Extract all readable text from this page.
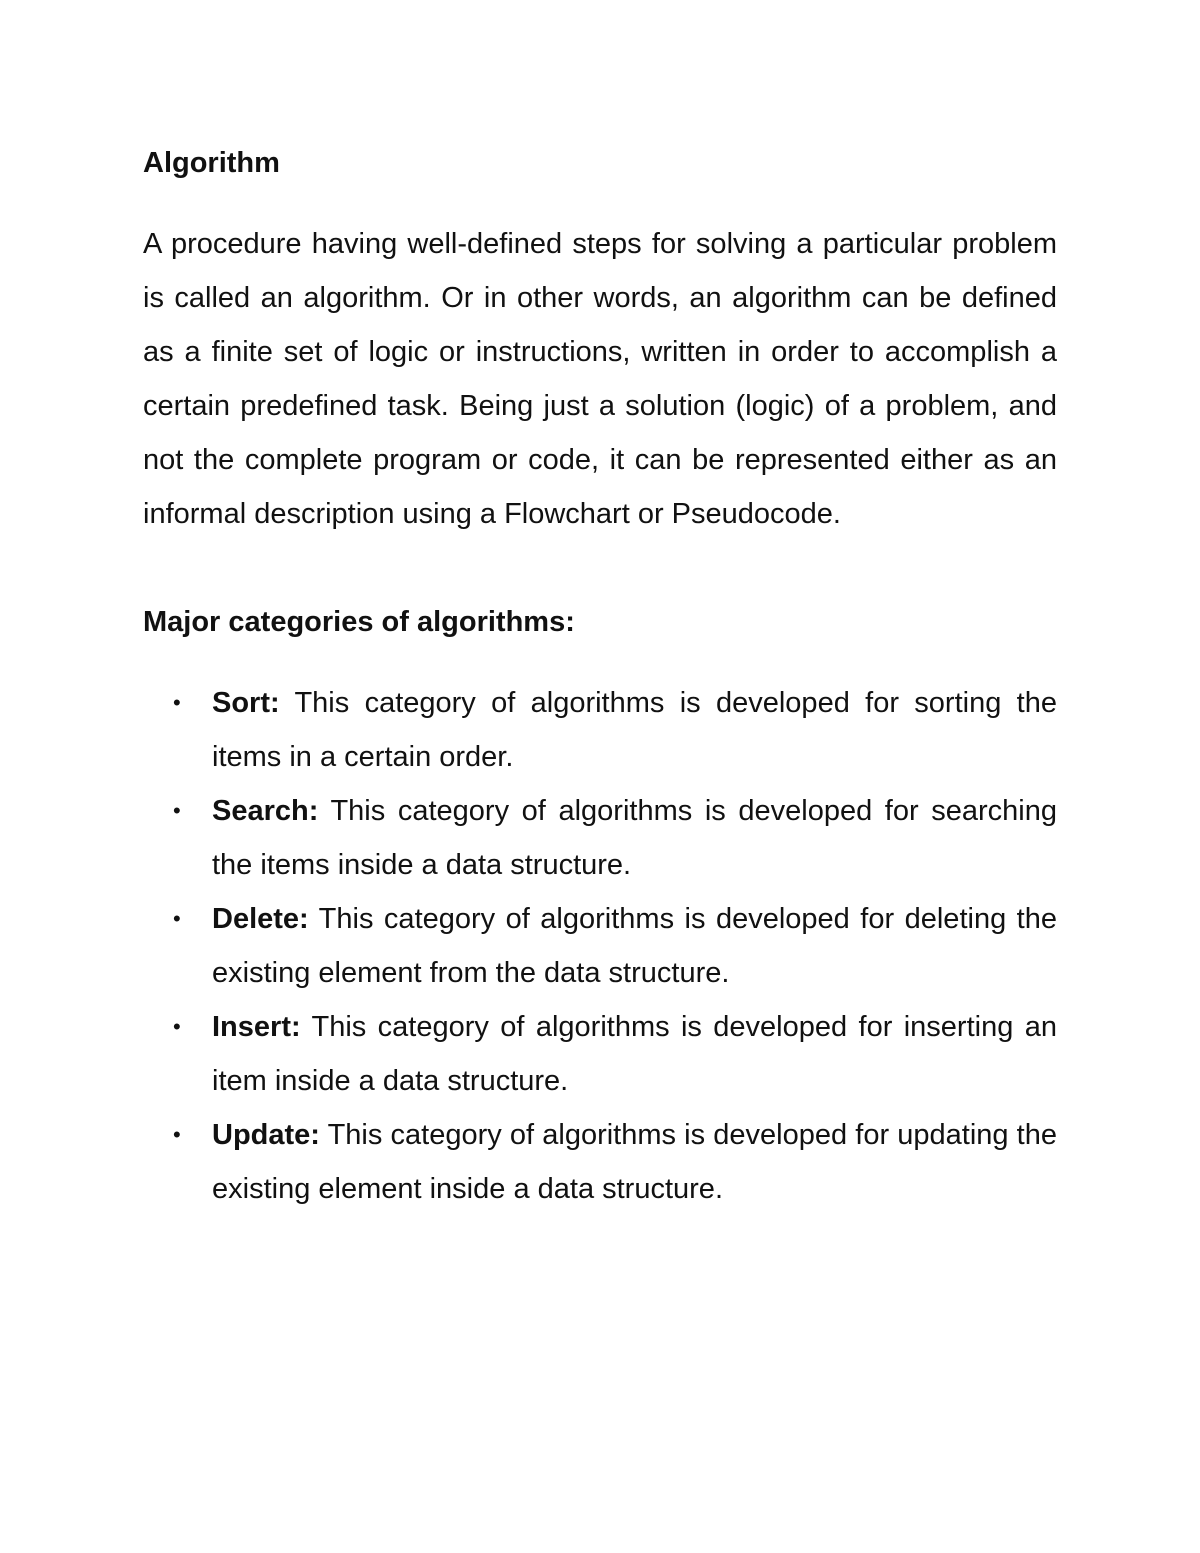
Algorithm

A procedure having well-defined steps for solving a particular problem is called an algorithm. Or in other words, an algorithm can be defined as a finite set of logic or instructions, written in order to accomplish a certain predefined task. Being just a solution (logic) of a problem, and not the complete program or code, it can be represented either as an informal description using a Flowchart or Pseudocode.

Major categories of algorithms:

• Sort: This category of algorithms is developed for sorting the items in a certain order.
• Search: This category of algorithms is developed for searching the items inside a data structure.
• Delete: This category of algorithms is developed for deleting the existing element from the data structure.
• Insert: This category of algorithms is developed for inserting an item inside a data structure.
• Update: This category of algorithms is developed for updating the existing element inside a data structure.
